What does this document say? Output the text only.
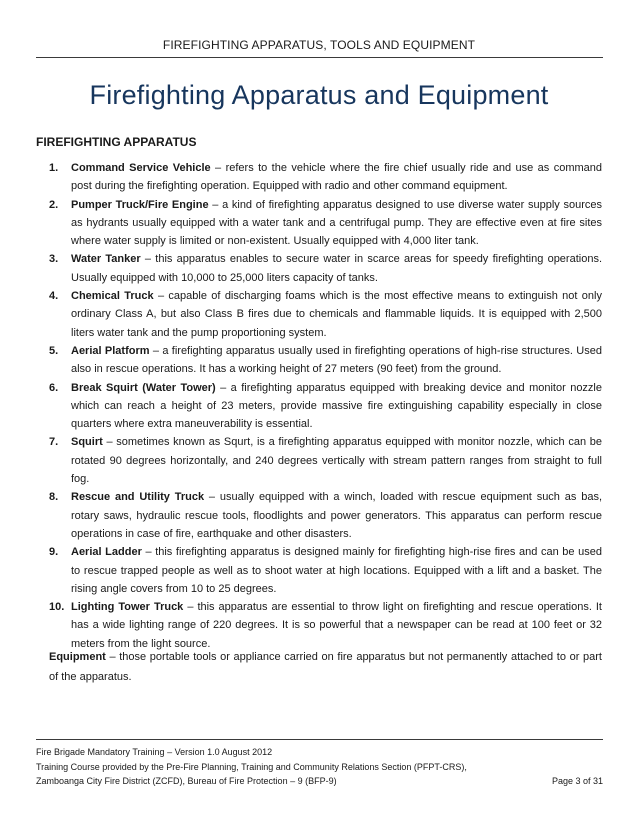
FIREFIGHTING APPARATUS, TOOLS AND EQUIPMENT
Firefighting Apparatus and Equipment
FIREFIGHTING APPARATUS
1. Command Service Vehicle – refers to the vehicle where the fire chief usually ride and use as command post during the firefighting operation. Equipped with radio and other command equipment.
2. Pumper Truck/Fire Engine – a kind of firefighting apparatus designed to use diverse water supply sources as hydrants usually equipped with a water tank and a centrifugal pump. They are effective even at fire sites where water supply is limited or non-existent. Usually equipped with 4,000 liter tank.
3. Water Tanker – this apparatus enables to secure water in scarce areas for speedy firefighting operations. Usually equipped with 10,000 to 25,000 liters capacity of tanks.
4. Chemical Truck – capable of discharging foams which is the most effective means to extinguish not only ordinary Class A, but also Class B fires due to chemicals and flammable liquids. It is equipped with 2,500 liters water tank and the pump proportioning system.
5. Aerial Platform – a firefighting apparatus usually used in firefighting operations of high-rise structures. Used also in rescue operations. It has a working height of 27 meters (90 feet) from the ground.
6. Break Squirt (Water Tower) – a firefighting apparatus equipped with breaking device and monitor nozzle which can reach a height of 23 meters, provide massive fire extinguishing capability especially in close quarters where extra maneuverability is essential.
7. Squirt – sometimes known as Squrt, is a firefighting apparatus equipped with monitor nozzle, which can be rotated 90 degrees horizontally, and 240 degrees vertically with stream pattern ranges from straight to full fog.
8. Rescue and Utility Truck – usually equipped with a winch, loaded with rescue equipment such as bas, rotary saws, hydraulic rescue tools, floodlights and power generators. This apparatus can perform rescue operations in case of fire, earthquake and other disasters.
9. Aerial Ladder – this firefighting apparatus is designed mainly for firefighting high-rise fires and can be used to rescue trapped people as well as to shoot water at high locations. Equipped with a lift and a basket. The rising angle covers from 10 to 25 degrees.
10. Lighting Tower Truck – this apparatus are essential to throw light on firefighting and rescue operations. It has a wide lighting range of 220 degrees. It is so powerful that a newspaper can be read at 100 feet or 32 meters from the light source.
Equipment – those portable tools or appliance carried on fire apparatus but not permanently attached to or part of the apparatus.
Fire Brigade Mandatory Training – Version 1.0 August 2012
Training Course provided by the Pre-Fire Planning, Training and Community Relations Section (PFPT-CRS),
Zamboanga City Fire District (ZCFD), Bureau of Fire Protection – 9 (BFP-9)	Page 3 of 31
